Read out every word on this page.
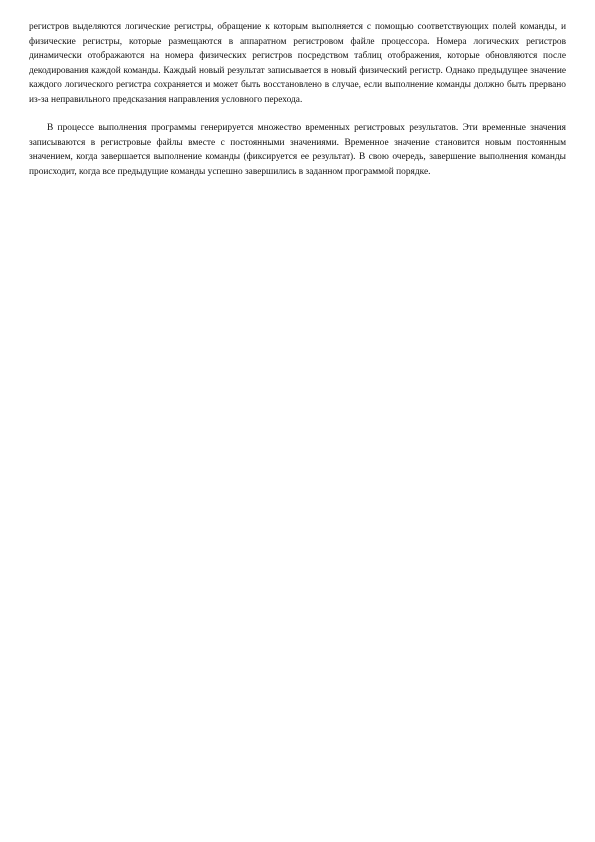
регистров выделяются логические регистры, обращение к которым выполняется с помощью соответствующих полей команды, и физические регистры, которые размещаются в аппаратном регистровом файле процессора. Номера логических регистров динамически отображаются на номера физических регистров посредством таблиц отображения, которые обновляются после декодирования каждой команды. Каждый новый результат записывается в новый физический регистр. Однако предыдущее значение каждого логического регистра сохраняется и может быть восстановлено в случае, если выполнение команды должно быть прервано из-за неправильного предсказания направления условного перехода.

В процессе выполнения программы генерируется множество временных регистровых результатов. Эти временные значения записываются в регистровые файлы вместе с постоянными значениями. Временное значение становится новым постоянным значением, когда завершается выполнение команды (фиксируется ее результат). В свою очередь, завершение выполнения команды происходит, когда все предыдущие команды успешно завершились в заданном программой порядке.
